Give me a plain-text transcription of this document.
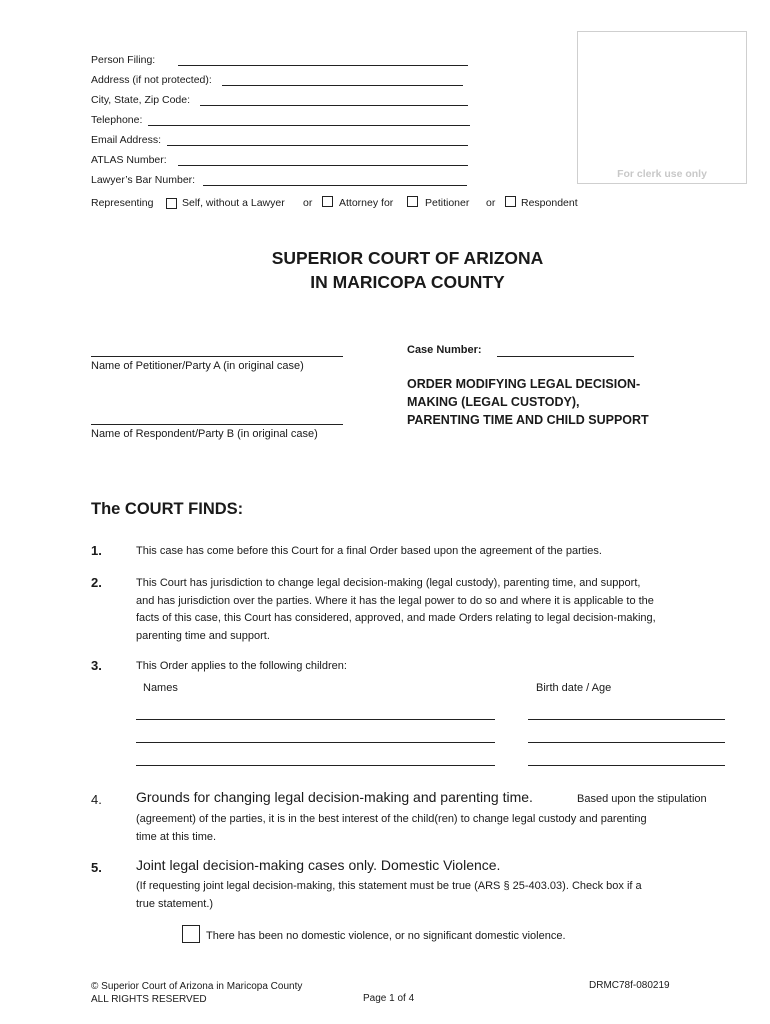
Person Filing:
Address (if not protected):
City, State, Zip Code:
Telephone:
Email Address:
ATLAS Number:
Lawyer’s Bar Number:	For clerk use only
Representing	Self, without a Lawyer or	Attorney for	Petitioner or Respondent
SUPERIOR COURT OF ARIZONA
IN MARICOPA COUNTY
Name of Petitioner/Party A (in original case)
Name of Respondent/Party B (in original case)
Case Number:
ORDER MODIFYING LEGAL DECISION-
MAKING (LEGAL CUSTODY),
PARENTING TIME AND CHILD SUPPORT
The COURT FINDS:
1.	This case has come before this Court for a final Order based upon the agreement of the parties.
2.	This Court has jurisdiction to change legal decision-making (legal custody), parenting time, and support,
and has jurisdiction over the parties. Where it has the legal power to do so and where it is applicable to the
facts of this case, this Court has considered, approved, and made Orders relating to legal decision-making,
parenting time and support.
3.	This Order applies to the following children:
Names	Birth date / Age
4. Grounds for changing legal decision-making and parenting time.	Based upon the stipulation
(agreement) of the parties, it is in the best interest of the child(ren) to change legal custody and parenting
time at this time.
5. Joint legal decision-making cases only. Domestic Violence.
(If requesting joint legal decision-making, this statement must be true (ARS § 25-403.03). Check box if a
true statement.)
There has been no domestic violence, or no significant domestic violence.
© Superior Court of Arizona in Maricopa County
ALL RIGHTS RESERVED	Page 1 of 4
DRMC78f-080219
